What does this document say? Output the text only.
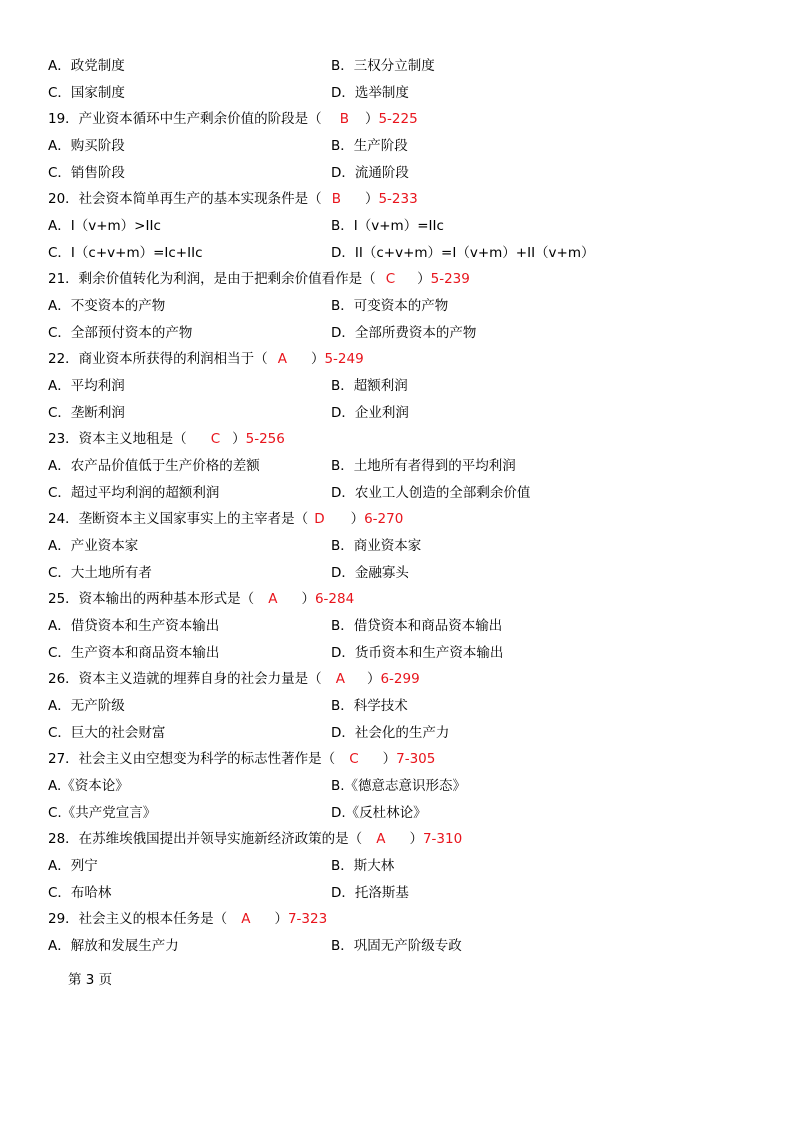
A．政党制度	B．三权分立制度
C．国家制度	D．选举制度
19．产业资本循环中生产剩余价值的阶段是（ B ）5-225
A．购买阶段	B．生产阶段
C．销售阶段	D．流通阶段
20．社会资本简单再生产的基本实现条件是（ B ）5-233
A．I（v+m）>IIc	B．I（v+m）=IIc
C．I（c+v+m）=Ic+IIc	D．II（c+v+m）=I（v+m）+II（v+m）
21．剩余价值转化为利润，是由于把剩余价值看作是（ C ）5-239
A．不变资本的产物	B．可变资本的产物
C．全部预付资本的产物	D．全部所费资本的产物
22．商业资本所获得的利润相当于（ A ）5-249
A．平均利润	B．超额利润
C．垄断利润	D．企业利润
23．资本主义地租是（ C ）5-256
A．农产品价值低于生产价格的差额	B．土地所有者得到的平均利润
C．超过平均利润的超额利润	D．农业工人创造的全部剩余价值
24．垄断资本主义国家事实上的主宰者是（ D ）6-270
A．产业资本家	B．商业资本家
C．大土地所有者	D．金融寡头
25．资本输出的两种基本形式是（ A ）6-284
A．借贷资本和生产资本输出	B．借贷资本和商品资本输出
C．生产资本和商品资本输出	D．货币资本和生产资本输出
26．资本主义造就的埋葬自身的社会力量是（ A ）6-299
A．无产阶级	B．科学技术
C．巨大的社会财富	D．社会化的生产力
27．社会主义由空想变为科学的标志性著作是（ C ）7-305
A.《资本论》	B.《德意志意识形态》
C.《共产党宣言》	D.《反杜林论》
28．在苏维埃俄国提出并领导实施新经济政策的是（ A ）7-310
A．列宁	B．斯大林
C．布哈林	D．托洛斯基
29．社会主义的根本任务是（ A ）7-323
A．解放和发展生产力	B．巩固无产阶级专政
第 3 页
